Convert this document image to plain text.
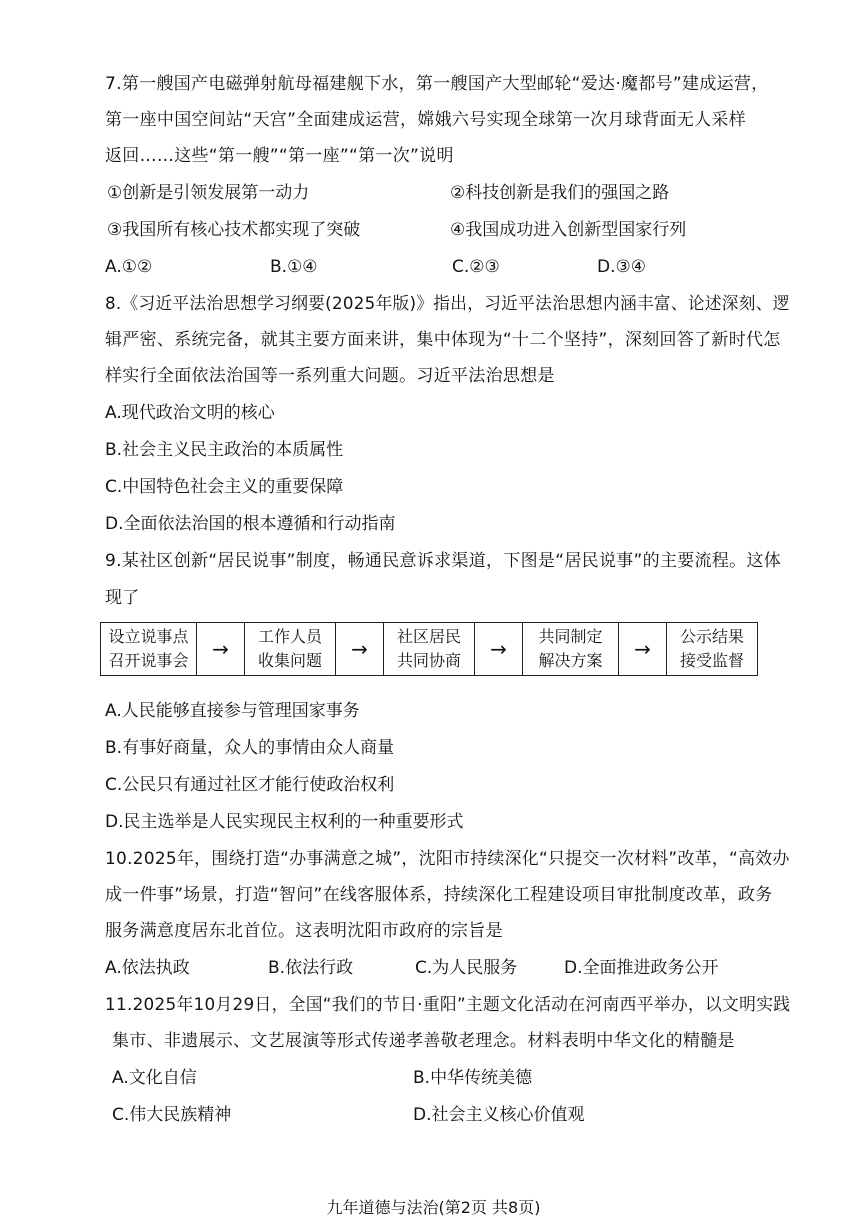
7.第一艘国产电磁弹射航母福建舰下水，第一艘国产大型邮轮“爱达·魔都号”建成运营，
第一座中国空间站“天宫”全面建成运营，嫦娥六号实现全球第一次月球背面无人采样
返回……这些“第一艘”“第一座”“第一次”说明
①创新是引领发展第一动力	②科技创新是我们的强国之路
③我国所有核心技术都实现了突破	④我国成功进入创新型国家行列
A.①②	B.①④	C.②③	D.③④
8.《习近平法治思想学习纲要(2025年版)》指出，习近平法治思想内涵丰富、论述深刻、逻
辑严密、系统完备，就其主要方面来讲，集中体现为“十二个坚持”，深刻回答了新时代怎
样实行全面依法治国等一系列重大问题。习近平法治思想是
A.现代政治文明的核心
B.社会主义民主政治的本质属性
C.中国特色社会主义的重要保障
D.全面依法治国的根本遵循和行动指南
9.某社区创新“居民说事”制度，畅通民意诉求渠道，下图是“居民说事”的主要流程。这体
现了
设立说事点
召开说事会	→
工作人员
收集问题	→
社区居民
共同协商	→
共同制定
解决方案	→
公示结果
接受监督
A.人民能够直接参与管理国家事务
B.有事好商量，众人的事情由众人商量
C.公民只有通过社区才能行使政治权利
D.民主选举是人民实现民主权利的一种重要形式
10.2025年，围绕打造“办事满意之城”，沈阳市持续深化“只提交一次材料”改革，“高效办
成一件事”场景，打造“智问”在线客服体系，持续深化工程建设项目审批制度改革，政务
服务满意度居东北首位。这表明沈阳市政府的宗旨是
A.依法执政	B.依法行政	C.为人民服务	D.全面推进政务公开
11.2025年10月29日，全国“我们的节日·重阳”主题文化活动在河南西平举办，以文明实践
集市、非遗展示、文艺展演等形式传递孝善敬老理念。材料表明中华文化的精髓是
A.文化自信	B.中华传统美德
C.伟大民族精神	D.社会主义核心价值观
九年道德与法治(第2页 共8页)
